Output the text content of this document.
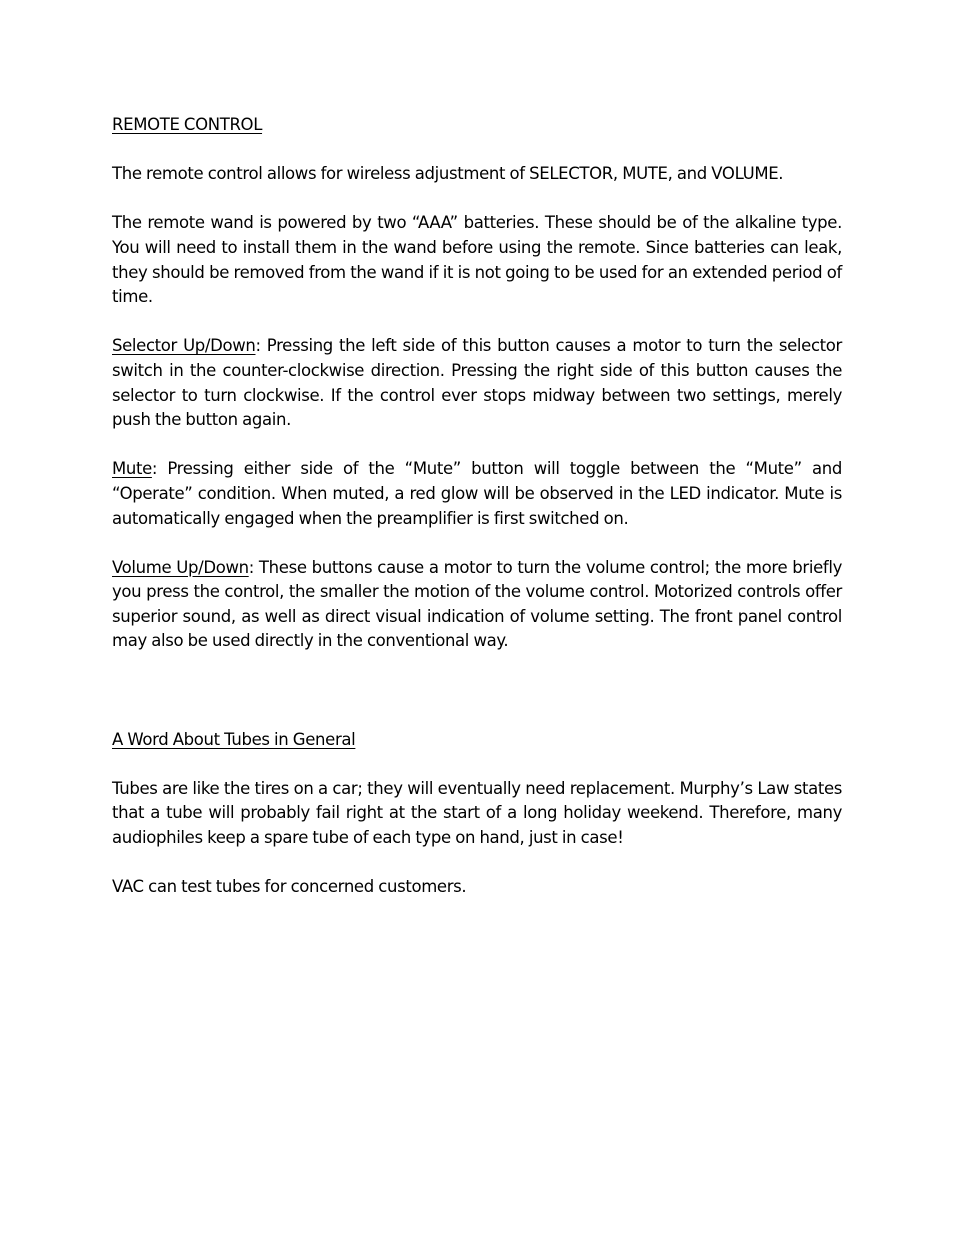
REMOTE CONTROL

The remote control allows for wireless adjustment of SELECTOR, MUTE, and VOLUME.

The remote wand is powered by two “AAA” batteries. These should be of the alkaline type. You will need to install them in the wand before using the remote. Since batteries can leak, they should be removed from the wand if it is not going to be used for an extended period of time.

Selector Up/Down: Pressing the left side of this button causes a motor to turn the selector switch in the counter-clockwise direction. Pressing the right side of this button causes the selector to turn clockwise. If the control ever stops midway between two settings, merely push the button again.

Mute: Pressing either side of the “Mute” button will toggle between the “Mute” and “Operate” condition. When muted, a red glow will be observed in the LED indicator. Mute is automatically engaged when the preamplifier is first switched on.

Volume Up/Down: These buttons cause a motor to turn the volume control; the more briefly you press the control, the smaller the motion of the volume control. Motorized controls offer superior sound, as well as direct visual indication of volume setting. The front panel control may also be used directly in the conventional way.

A Word About Tubes in General

Tubes are like the tires on a car; they will eventually need replacement. Murphy’s Law states that a tube will probably fail right at the start of a long holiday weekend. Therefore, many audiophiles keep a spare tube of each type on hand, just in case!

VAC can test tubes for concerned customers.
